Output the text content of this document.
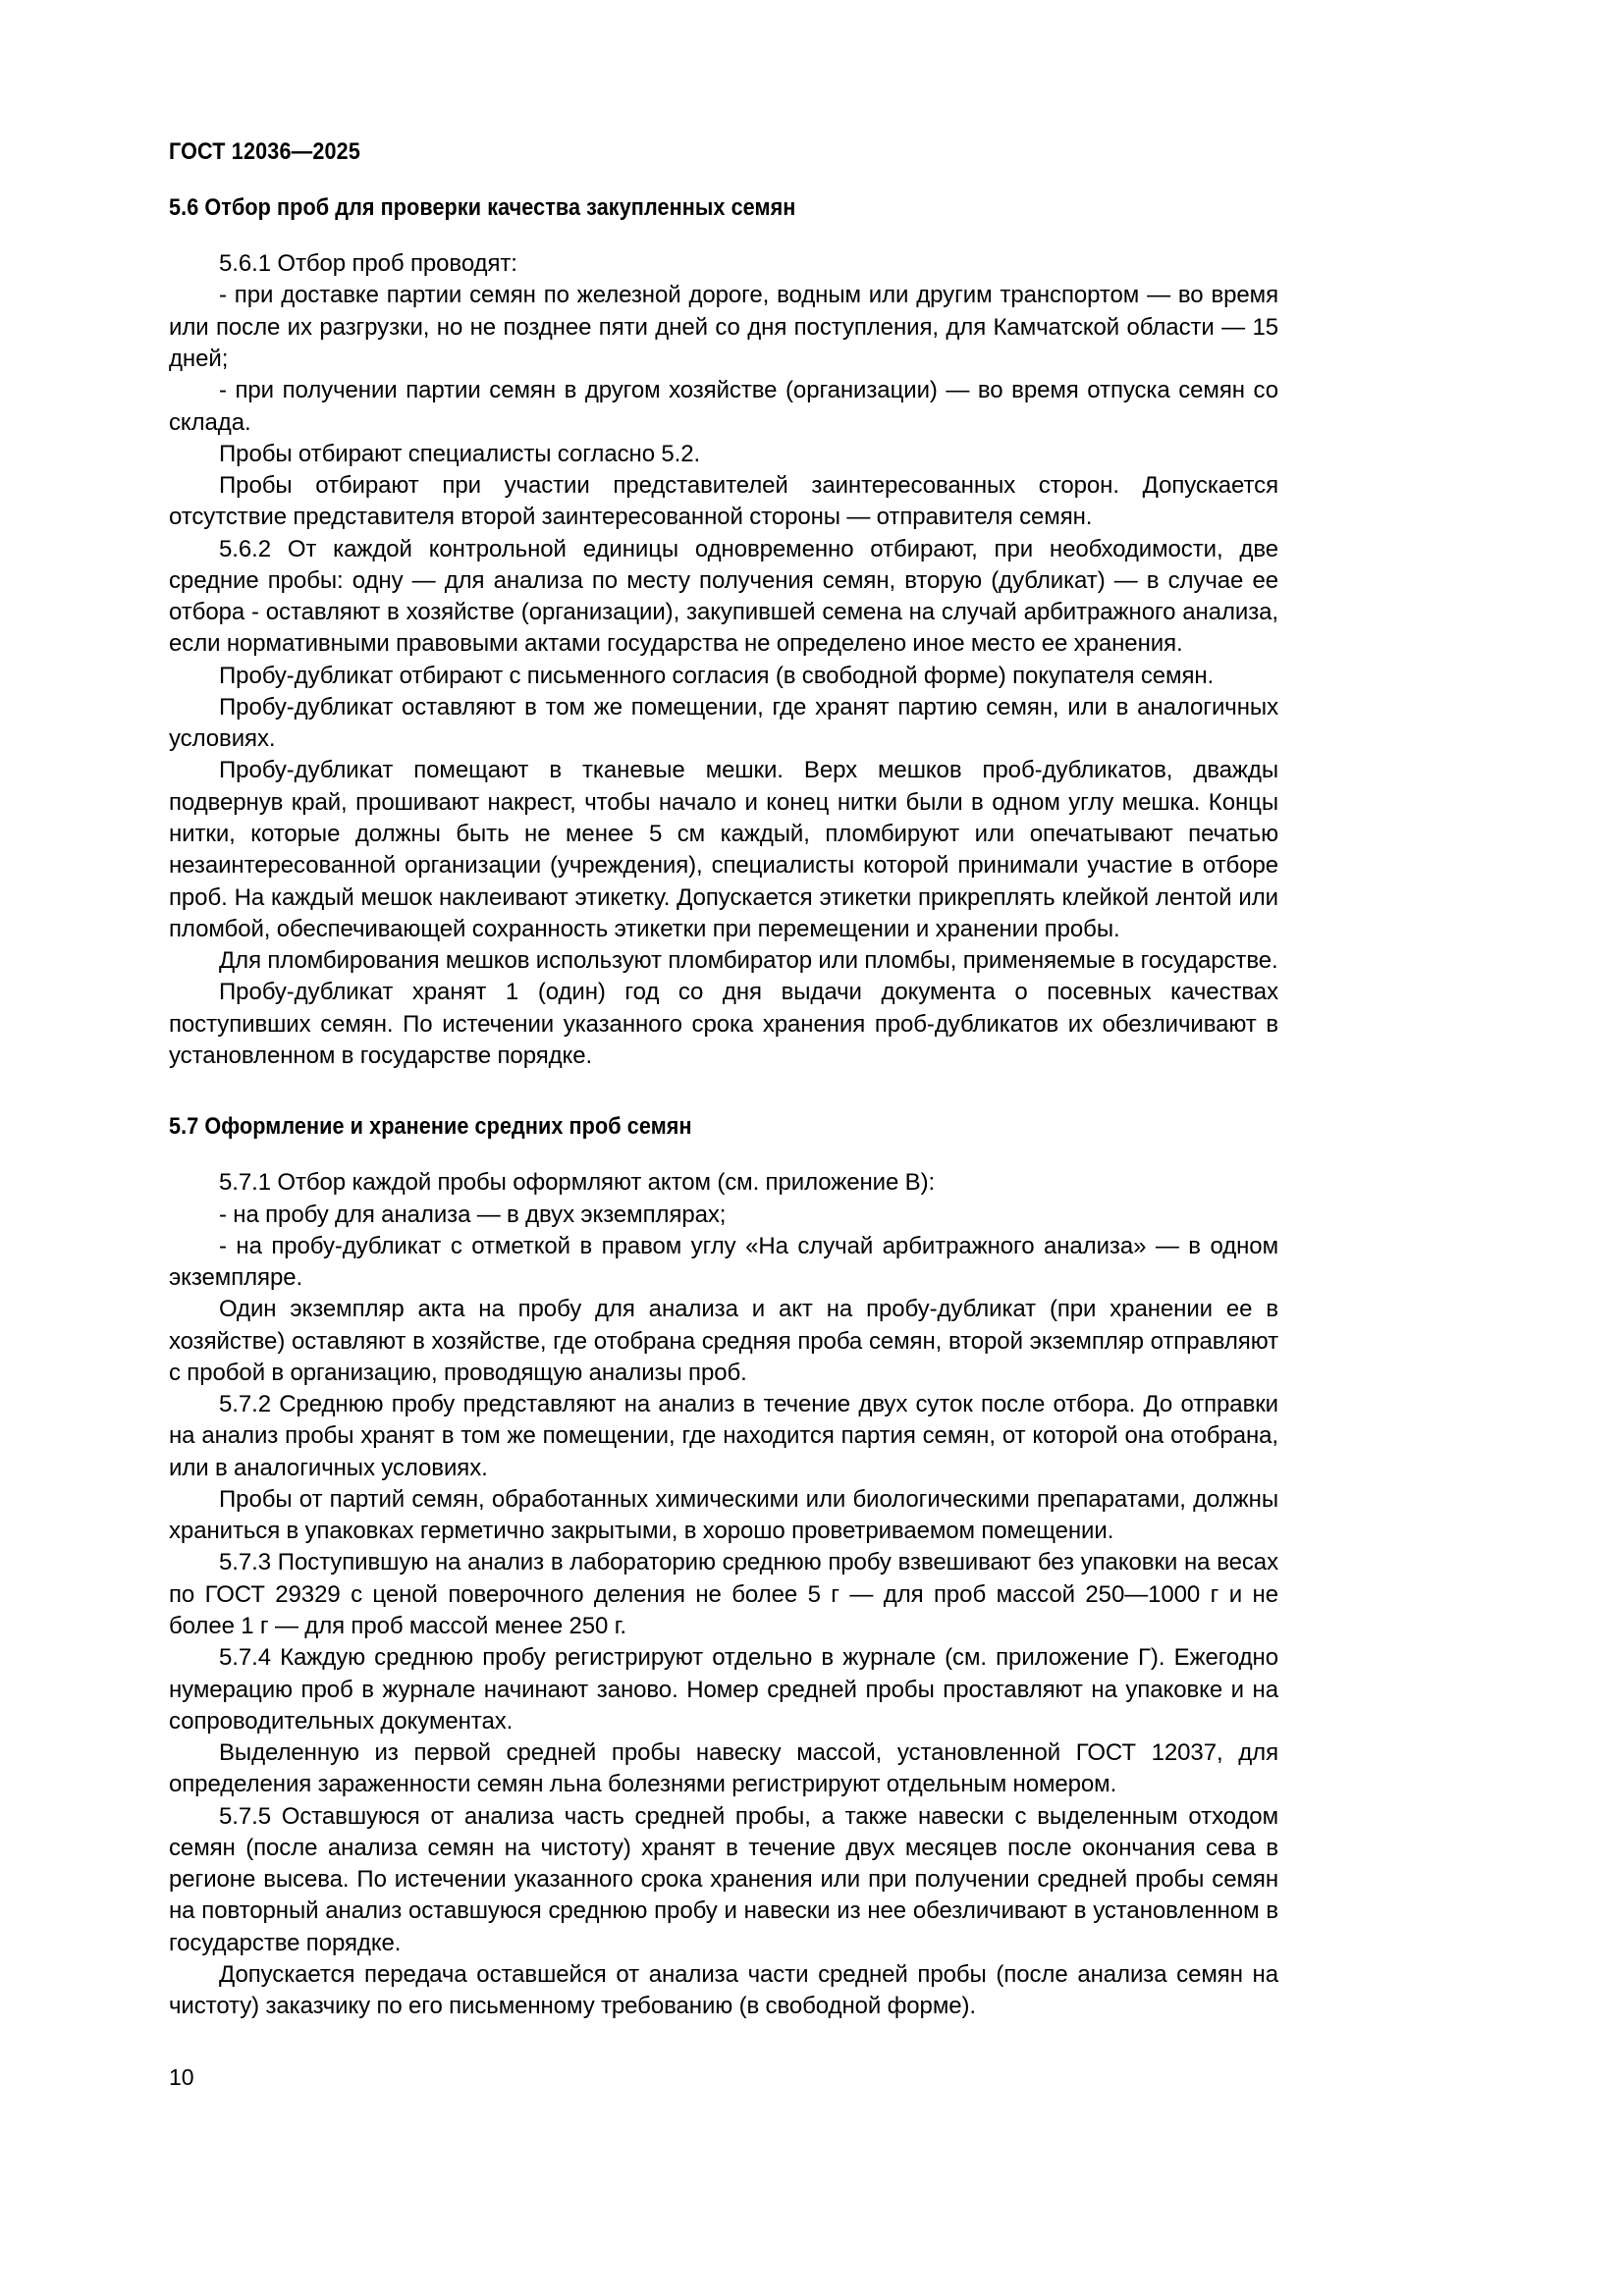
ГОСТ 12036—2025
5.6 Отбор проб для проверки качества закупленных семян

5.6.1 Отбор проб проводят:

- при доставке партии семян по железной дороге, водным или другим транспортом — во время или после их разгрузки, но не позднее пяти дней со дня поступления, для Камчатской области — 15 дней;

- при получении партии семян в другом хозяйстве (организации) — во время отпуска семян со склада.

Пробы отбирают специалисты согласно 5.2.

Пробы отбирают при участии представителей заинтересованных сторон. Допускается отсутствие представителя второй заинтересованной стороны — отправителя семян.

5.6.2 От каждой контрольной единицы одновременно отбирают, при необходимости, две средние пробы: одну — для анализа по месту получения семян, вторую (дубликат) — в случае ее отбора - оставляют в хозяйстве (организации), закупившей семена на случай арбитражного анализа, если нормативными правовыми актами государства не определено иное место ее хранения.

Пробу-дубликат отбирают с письменного согласия (в свободной форме) покупателя семян.

Пробу-дубликат оставляют в том же помещении, где хранят партию семян, или в аналогичных условиях.

Пробу-дубликат помещают в тканевые мешки. Верх мешков проб-дубликатов, дважды подвернув край, прошивают накрест, чтобы начало и конец нитки были в одном углу мешка. Концы нитки, которые должны быть не менее 5 см каждый, пломбируют или опечатывают печатью незаинтересованной организации (учреждения), специалисты которой принимали участие в отборе проб. На каждый мешок наклеивают этикетку. Допускается этикетки прикреплять клейкой лентой или пломбой, обеспечивающей сохранность этикетки при перемещении и хранении пробы.

Для пломбирования мешков используют пломбиратор или пломбы, применяемые в государстве.

Пробу-дубликат хранят 1 (один) год со дня выдачи документа о посевных качествах поступивших семян. По истечении указанного срока хранения проб-дубликатов их обезличивают в установленном в государстве порядке.

5.7 Оформление и хранение средних проб семян

5.7.1 Отбор каждой пробы оформляют актом (см. приложение В):

- на пробу для анализа — в двух экземплярах;

- на пробу-дубликат с отметкой в правом углу «На случай арбитражного анализа» — в одном экземпляре.

Один экземпляр акта на пробу для анализа и акт на пробу-дубликат (при хранении ее в хозяйстве) оставляют в хозяйстве, где отобрана средняя проба семян, второй экземпляр отправляют с пробой в организацию, проводящую анализы проб.

5.7.2 Среднюю пробу представляют на анализ в течение двух суток после отбора. До отправки на анализ пробы хранят в том же помещении, где находится партия семян, от которой она отобрана, или в аналогичных условиях.

Пробы от партий семян, обработанных химическими или биологическими препаратами, должны храниться в упаковках герметично закрытыми, в хорошо проветриваемом помещении.

5.7.3 Поступившую на анализ в лабораторию среднюю пробу взвешивают без упаковки на весах по ГОСТ 29329 с ценой поверочного деления не более 5 г — для проб массой 250—1000 г и не более 1 г — для проб массой менее 250 г.

5.7.4 Каждую среднюю пробу регистрируют отдельно в журнале (см. приложение Г). Ежегодно нумерацию проб в журнале начинают заново. Номер средней пробы проставляют на упаковке и на сопроводительных документах.

Выделенную из первой средней пробы навеску массой, установленной ГОСТ 12037, для определения зараженности семян льна болезнями регистрируют отдельным номером.

5.7.5 Оставшуюся от анализа часть средней пробы, а также навески с выделенным отходом семян (после анализа семян на чистоту) хранят в течение двух месяцев после окончания сева в регионе высева. По истечении указанного срока хранения или при получении средней пробы семян на повторный анализ оставшуюся среднюю пробу и навески из нее обезличивают в установленном в государстве порядке.

Допускается передача оставшейся от анализа части средней пробы (после анализа семян на чистоту) заказчику по его письменному требованию (в свободной форме).

10
